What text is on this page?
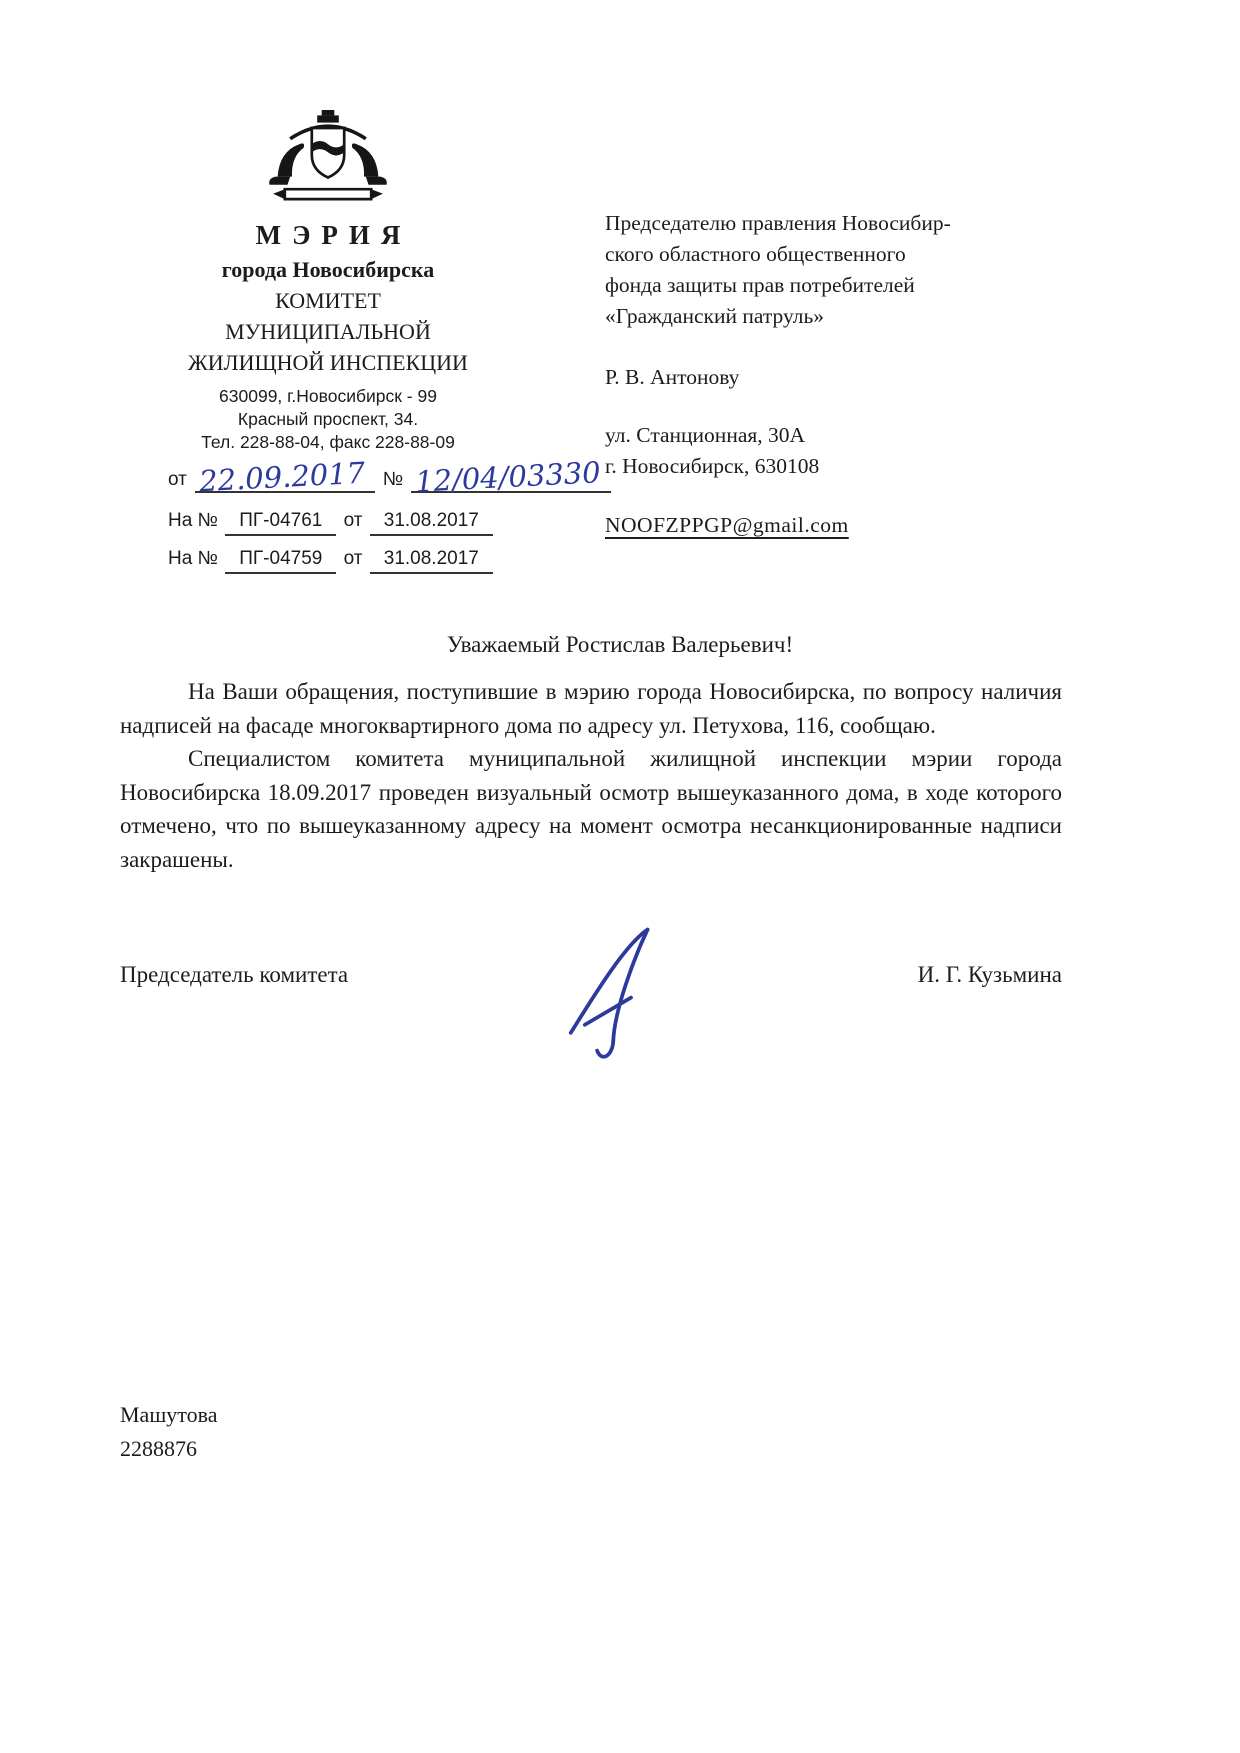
МЭРИЯ
города Новосибирска
КОМИТЕТ
МУНИЦИПАЛЬНОЙ
ЖИЛИЩНОЙ ИНСПЕКЦИИ
630099, г.Новосибирск - 99
Красный проспект, 34.
Тел. 228-88-04, факс 228-88-09
от 22.09.2017 № 12/04/03330
На № ПГ-04761 от 31.08.2017
На № ПГ-04759 от 31.08.2017
Председателю правления Новосибир-
ского областного общественного
фонда защиты прав потребителей
«Гражданский патруль»
Р. В. Антонову
ул. Станционная, 30А
г. Новосибирск, 630108
NOOFZPPGP@gmail.com
Уважаемый Ростислав Валерьевич!

На Ваши обращения, поступившие в мэрию города Новосибирска, по вопросу наличия надписей на фасаде многоквартирного дома по адресу ул. Петухова, 116, сообщаю.

Специалистом комитета муниципальной жилищной инспекции мэрии города Новосибирска 18.09.2017 проведен визуальный осмотр вышеуказанного дома, в ходе которого отмечено, что по вышеуказанному адресу на момент осмотра несанкционированные надписи закрашены.

Председатель комитета	И. Г. Кузьмина
Машутова
2288876
